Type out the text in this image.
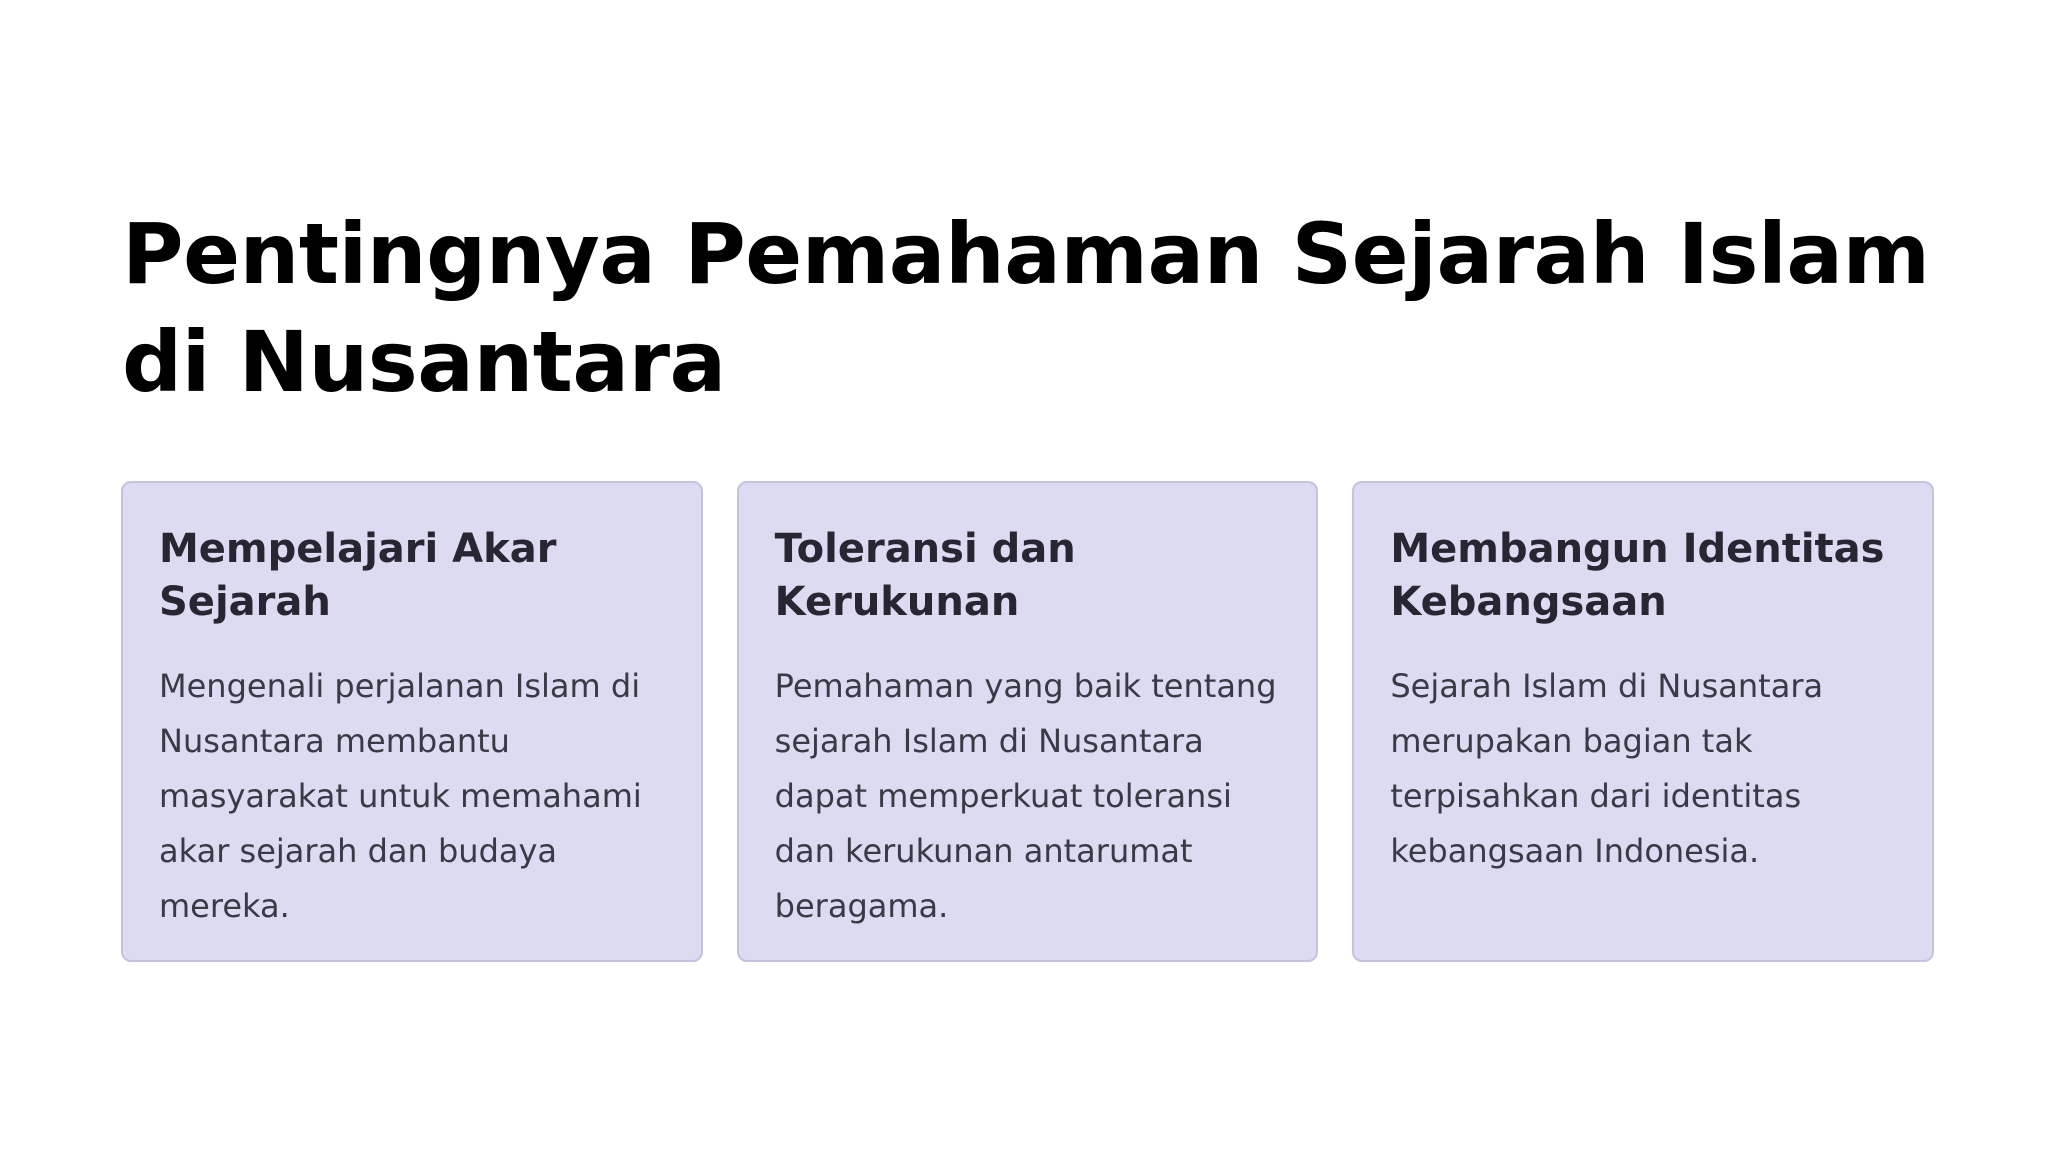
Pentingnya Pemahaman Sejarah Islam di Nusantara
Mempelajari Akar Sejarah

Mengenali perjalanan Islam di Nusantara membantu masyarakat untuk memahami akar sejarah dan budaya mereka.

Toleransi dan Kerukunan

Pemahaman yang baik tentang sejarah Islam di Nusantara dapat memperkuat toleransi dan kerukunan antarumat beragama.

Membangun Identitas Kebangsaan

Sejarah Islam di Nusantara merupakan bagian tak terpisahkan dari identitas kebangsaan Indonesia.
